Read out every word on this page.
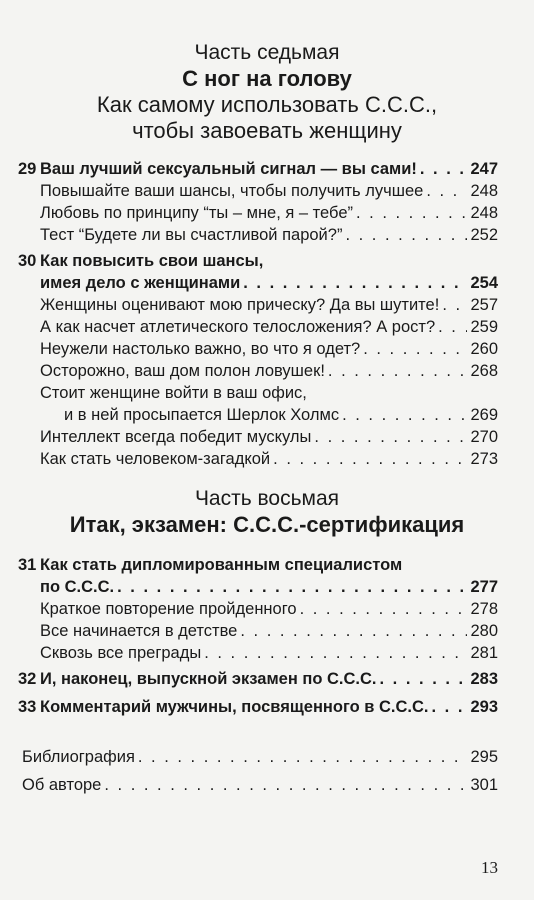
Часть седьмая
С ног на голову
Как самому использовать С.С.С.,
чтобы завоевать женщину
29 Ваш лучший сексуальный сигнал — вы сами! . . .	247
Повышайте ваши шансы, чтобы получить лучшее . . .	248
Любовь по принципу “ты – мне, я – тебе” . . .	248
Тест “Будете ли вы счастливой парой?” . . .	252
30 Как повысить свои шансы,
имея дело с женщинами . . .	254
Женщины оценивают мою прическу? Да вы шутите! . . . 257
А как насчет атлетического телосложения? А рост? . . . 259
Неужели настолько важно, во что я одет? . . .	260
Осторожно, ваш дом полон ловушек! . . .	268
Стоит женщине войти в ваш офис,
и в ней просыпается Шерлок Холмс . . .	269
Интеллект всегда победит мускулы . . .	270
Как стать человеком-загадкой . . .	273
Часть восьмая
Итак, экзамен: С.С.С.-сертификация
31 Как стать дипломированным специалистом
по С.С.С. . . .	277
Краткое повторение пройденного . . .	278
Все начинается в детстве . . .	280
Сквозь все преграды . . .	281
32 И, наконец, выпускной экзамен по С.С.С. . . .	283
33 Комментарий мужчины, посвященного в С.С.С. . . .	293
Библиография . . .	295
Об авторе . . .	301
13
